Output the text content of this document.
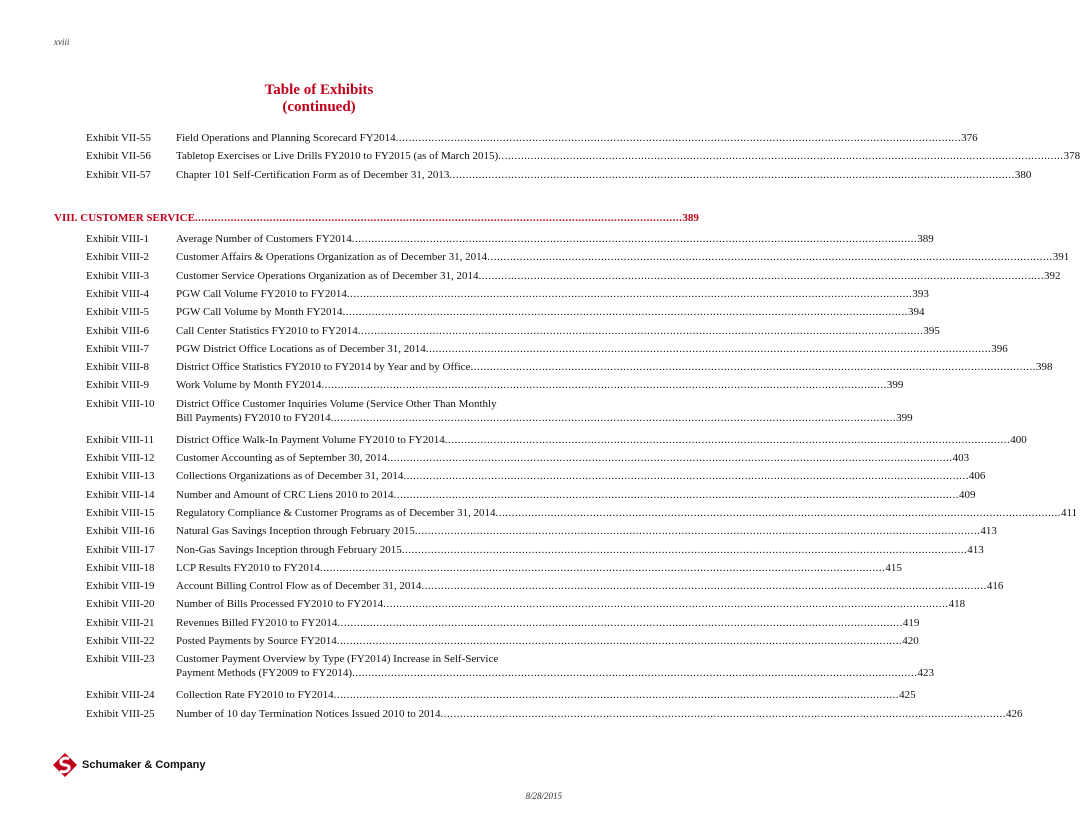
xviii
Table of Exhibits
(continued)
Exhibit VII-55 Field Operations and Planning Scorecard FY2014 .............................................................................................................................................................................. 376
Exhibit VII-56 Tabletop Exercises or Live Drills FY2010 to FY2015 (as of March 2015) .............................................................................................................................................................................. 378
Exhibit VII-57 Chapter 101 Self-Certification Form as of December 31, 2013 .............................................................................................................................................................................. 380
Exhibit VIII-1 Average Number of Customers FY2014 .............................................................................................................................................................................. 389
Exhibit VIII-2 Customer Affairs & Operations Organization as of December 31, 2014 .............................................................................................................................................................................. 391
Exhibit VIII-3 Customer Service Operations Organization as of December 31, 2014 .............................................................................................................................................................................. 392
Exhibit VIII-4 PGW Call Volume FY2010 to FY2014 .............................................................................................................................................................................. 393
Exhibit VIII-5 PGW Call Volume by Month FY2014 .............................................................................................................................................................................. 394
Exhibit VIII-6 Call Center Statistics FY2010 to FY2014 .............................................................................................................................................................................. 395
Exhibit VIII-7 PGW District Office Locations as of December 31, 2014 .............................................................................................................................................................................. 396
Exhibit VIII-8 District Office Statistics FY2010 to FY2014 by Year and by Office .............................................................................................................................................................................. 398
Exhibit VIII-9 Work Volume by Month FY2014 .............................................................................................................................................................................. 399
Exhibit VIII-10 District Office Customer Inquiries Volume (Service Other Than Monthly
Bill Payments) FY2010 to FY2014 .............................................................................................................................................................................. 399
Exhibit VIII-11 District Office Walk-In Payment Volume FY2010 to FY2014 .............................................................................................................................................................................. 400
Exhibit VIII-12 Customer Accounting as of September 30, 2014 .............................................................................................................................................................................. 403
Exhibit VIII-13 Collections Organizations as of December 31, 2014 .............................................................................................................................................................................. 406
Exhibit VIII-14 Number and Amount of CRC Liens 2010 to 2014 .............................................................................................................................................................................. 409
Exhibit VIII-15 Regulatory Compliance & Customer Programs as of December 31, 2014 .............................................................................................................................................................................. 411
Exhibit VIII-16 Natural Gas Savings Inception through February 2015 .............................................................................................................................................................................. 413
Exhibit VIII-17 Non-Gas Savings Inception through February 2015 .............................................................................................................................................................................. 413
Exhibit VIII-18 LCP Results FY2010 to FY2014 .............................................................................................................................................................................. 415
Exhibit VIII-19 Account Billing Control Flow as of December 31, 2014 .............................................................................................................................................................................. 416
Exhibit VIII-20 Number of Bills Processed FY2010 to FY2014 .............................................................................................................................................................................. 418
Exhibit VIII-21 Revenues Billed FY2010 to FY2014 .............................................................................................................................................................................. 419
Exhibit VIII-22 Posted Payments by Source FY2014 .............................................................................................................................................................................. 420
Exhibit VIII-23 Customer Payment Overview by Type (FY2014) Increase in Self-Service
Payment Methods (FY2009 to FY2014) .............................................................................................................................................................................. 423
Exhibit VIII-24 Collection Rate FY2010 to FY2014 .............................................................................................................................................................................. 425
Exhibit VIII-25 Number of 10 day Termination Notices Issued 2010 to 2014 .............................................................................................................................................................................. 426
VIII. CUSTOMER SERVICE ...................................................................................................................................................... 389
Schumaker & Company
8/28/2015
